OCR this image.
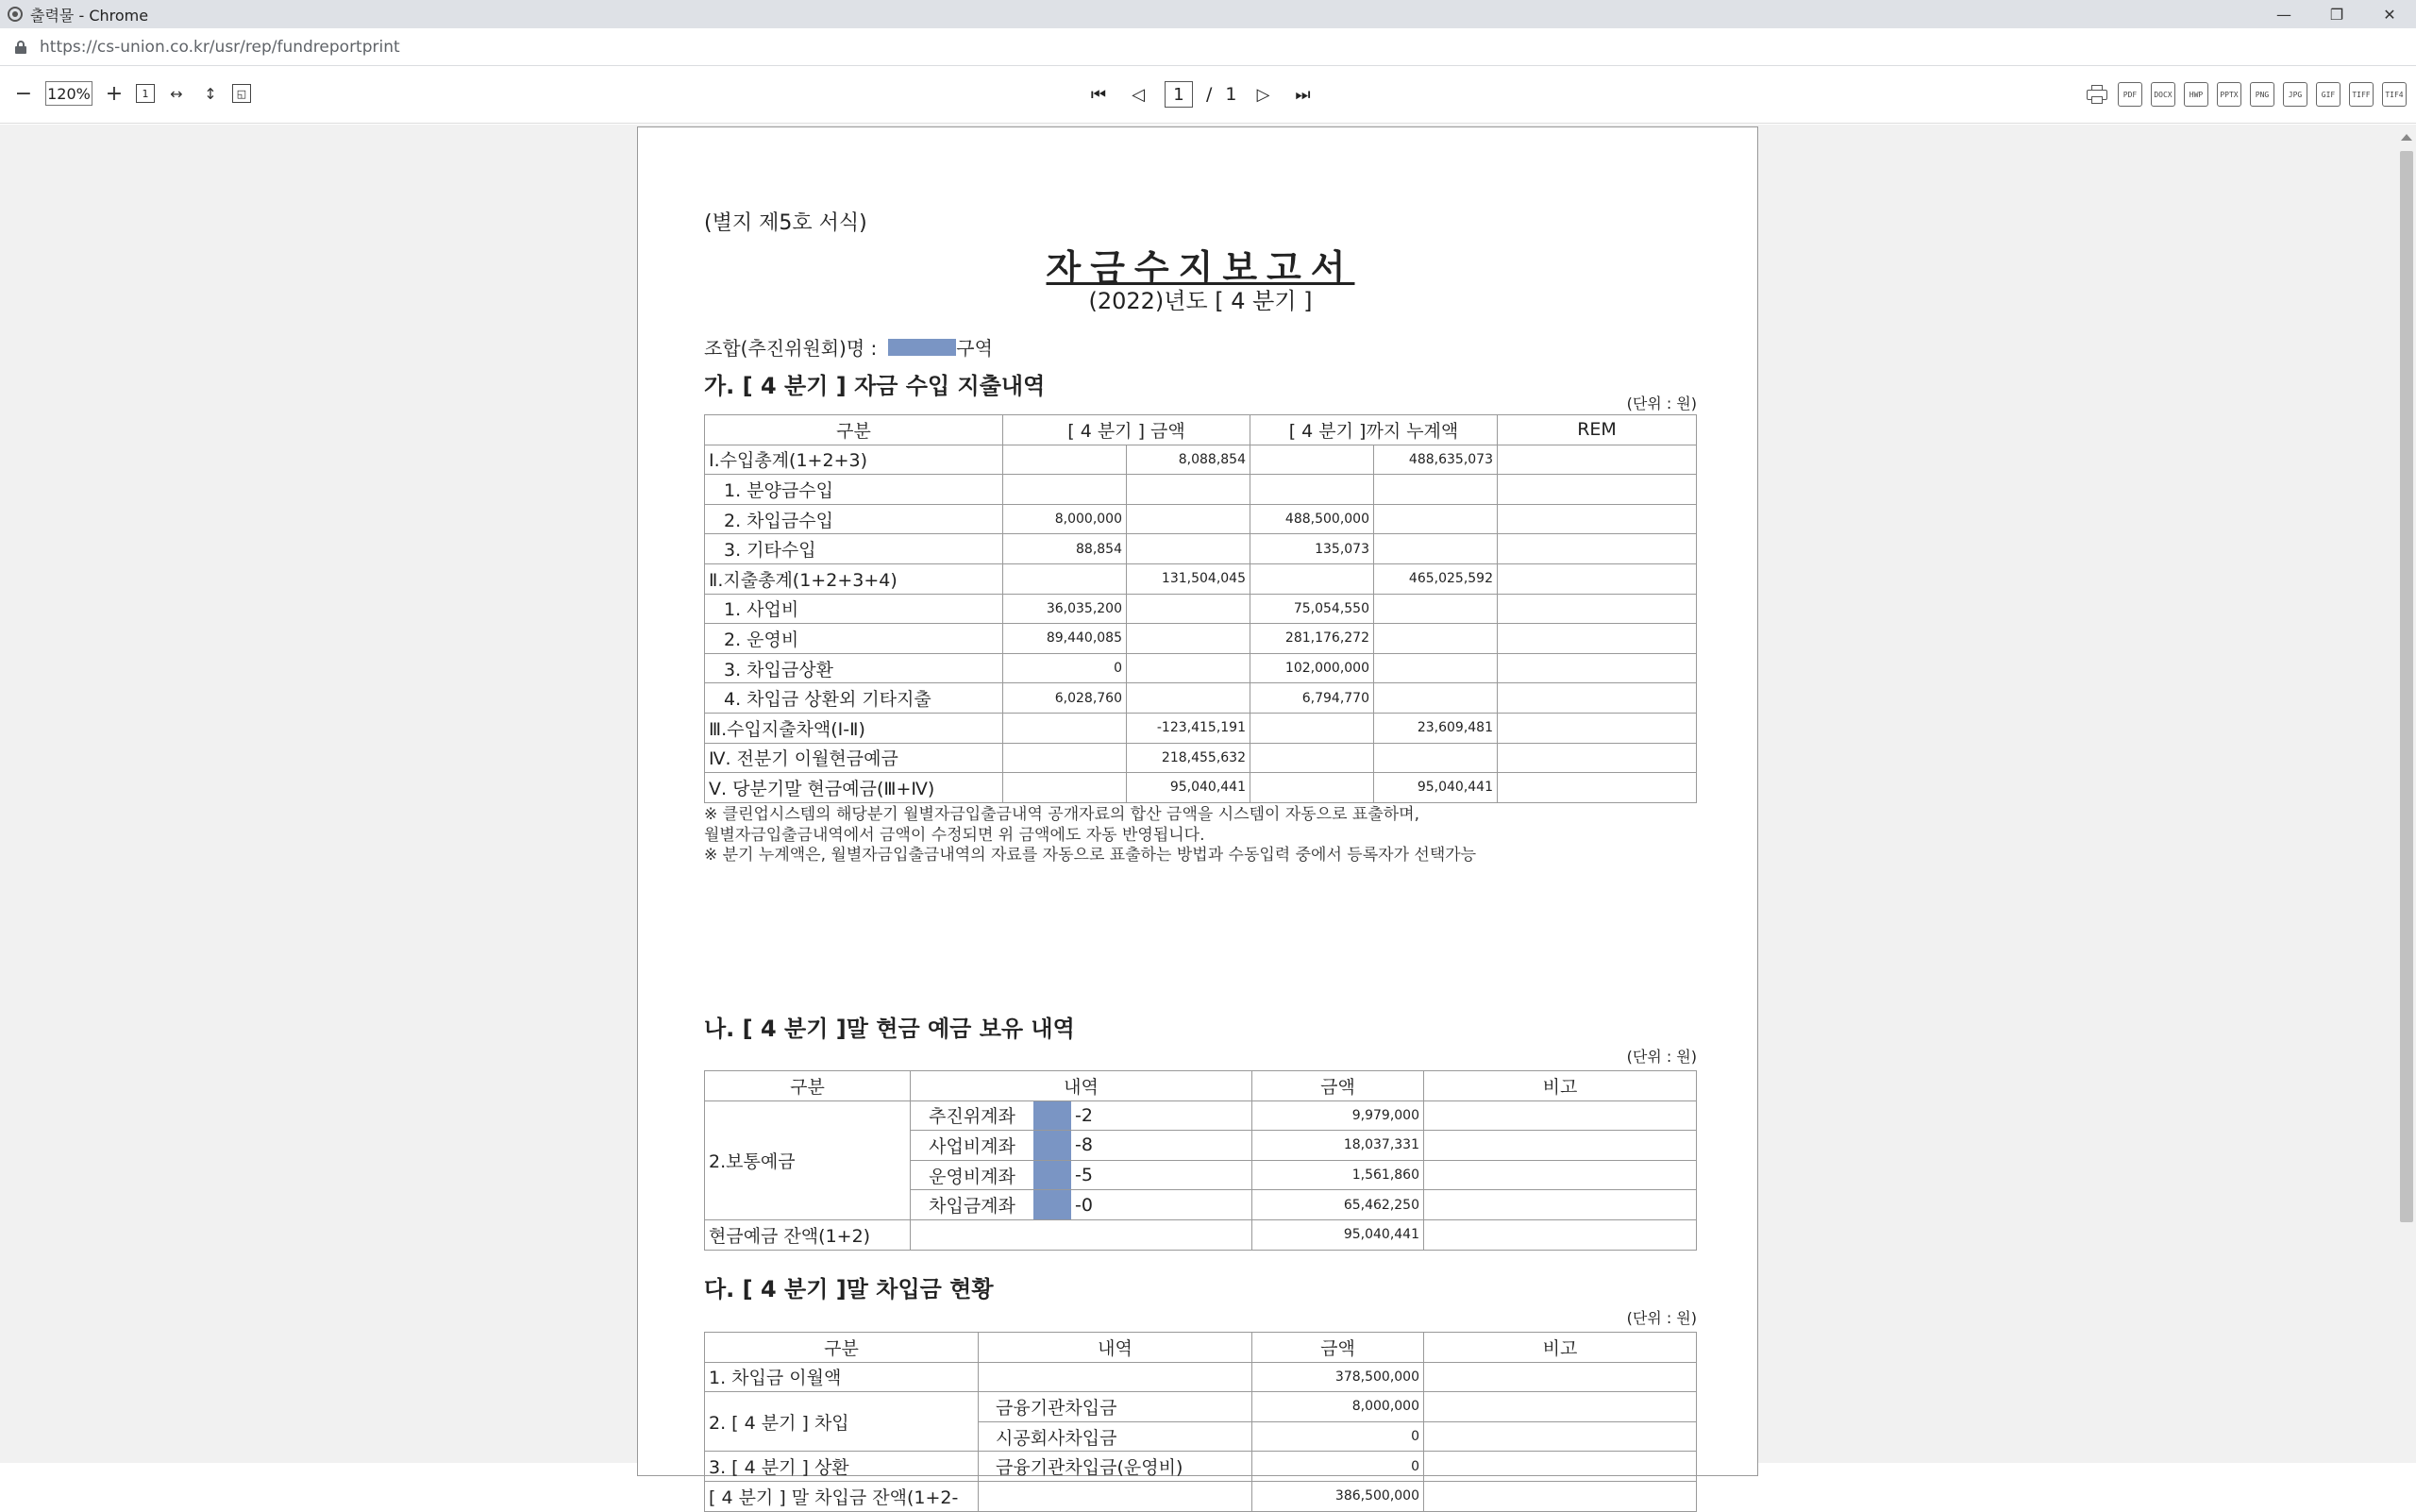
출력물 - Chrome	—	❐	✕
https://cs-union.co.kr/usr/rep/fundreportprint
− 120% +	1	↔	↕	◱	⏮	◁	1	/ 1	▷	⏭	PDF	DOCX	HWP	PPTX	PNG	JPG	GIF	TIFF	TIF4
(별지 제5호 서식)
자금수지보고서
(2022)년도 [ 4 분기 ]
조합(추진위원회)명 :	구역
가. [ 4 분기 ] 자금 수입 지출내역
(단위 : 원)
구분	[ 4 분기 ] 금액		[ 4 분기 ]까지 누계액		REM
Ⅰ.수입총계(1+2+3)		8,088,854		488,635,073	
1. 분양금수입					
2. 차입금수입	8,000,000		488,500,000		
3. 기타수입	88,854		135,073		
Ⅱ.지출총계(1+2+3+4)		131,504,045		465,025,592	
1. 사업비	36,035,200		75,054,550		
2. 운영비	89,440,085		281,176,272		
3. 차입금상환	0		102,000,000		
4. 차입금 상환외 기타지출	6,028,760		6,794,770		
Ⅲ.수입지출차액(Ⅰ-Ⅱ)		-123,415,191		23,609,481	
Ⅳ. 전분기 이월현금예금		218,455,632			
Ⅴ. 당분기말 현금예금(Ⅲ+Ⅳ)		95,040,441		95,040,441	
※ 클린업시스템의 해당분기 월별자금입출금내역 공개자료의 합산 금액을 시스템이 자동으로 표출하며,
월별자금입출금내역에서 금액이 수정되면 위 금액에도 자동 반영됩니다.
※ 분기 누계액은, 월별자금입출금내역의 자료를 자동으로 표출하는 방법과 수동입력 중에서 등록자가 선택가능
나. [ 4 분기 ]말 현금 예금 보유 내역
(단위 : 원)
구분	내역	금액	비고
2.보통예금	추진위계좌 -2	9,979,000	

	사업비계좌 -8	18,037,331	

	운영비계좌 -5	1,561,860	

	차입금계좌 -0	65,462,250	
현금예금 잔액(1+2)		95,040,441	
다. [ 4 분기 ]말 차입금 현황
(단위 : 원)
구분	내역	금액	비고
1. 차입금 이월액		378,500,000	
2. [ 4 분기 ] 차입	금융기관차입금	8,000,000	
	시공회사차입금	0	
3. [ 4 분기 ] 상환	금융기관차입금(운영비)	0	
[ 4 분기 ] 말 차입금 잔액(1+2-		386,500,000	
